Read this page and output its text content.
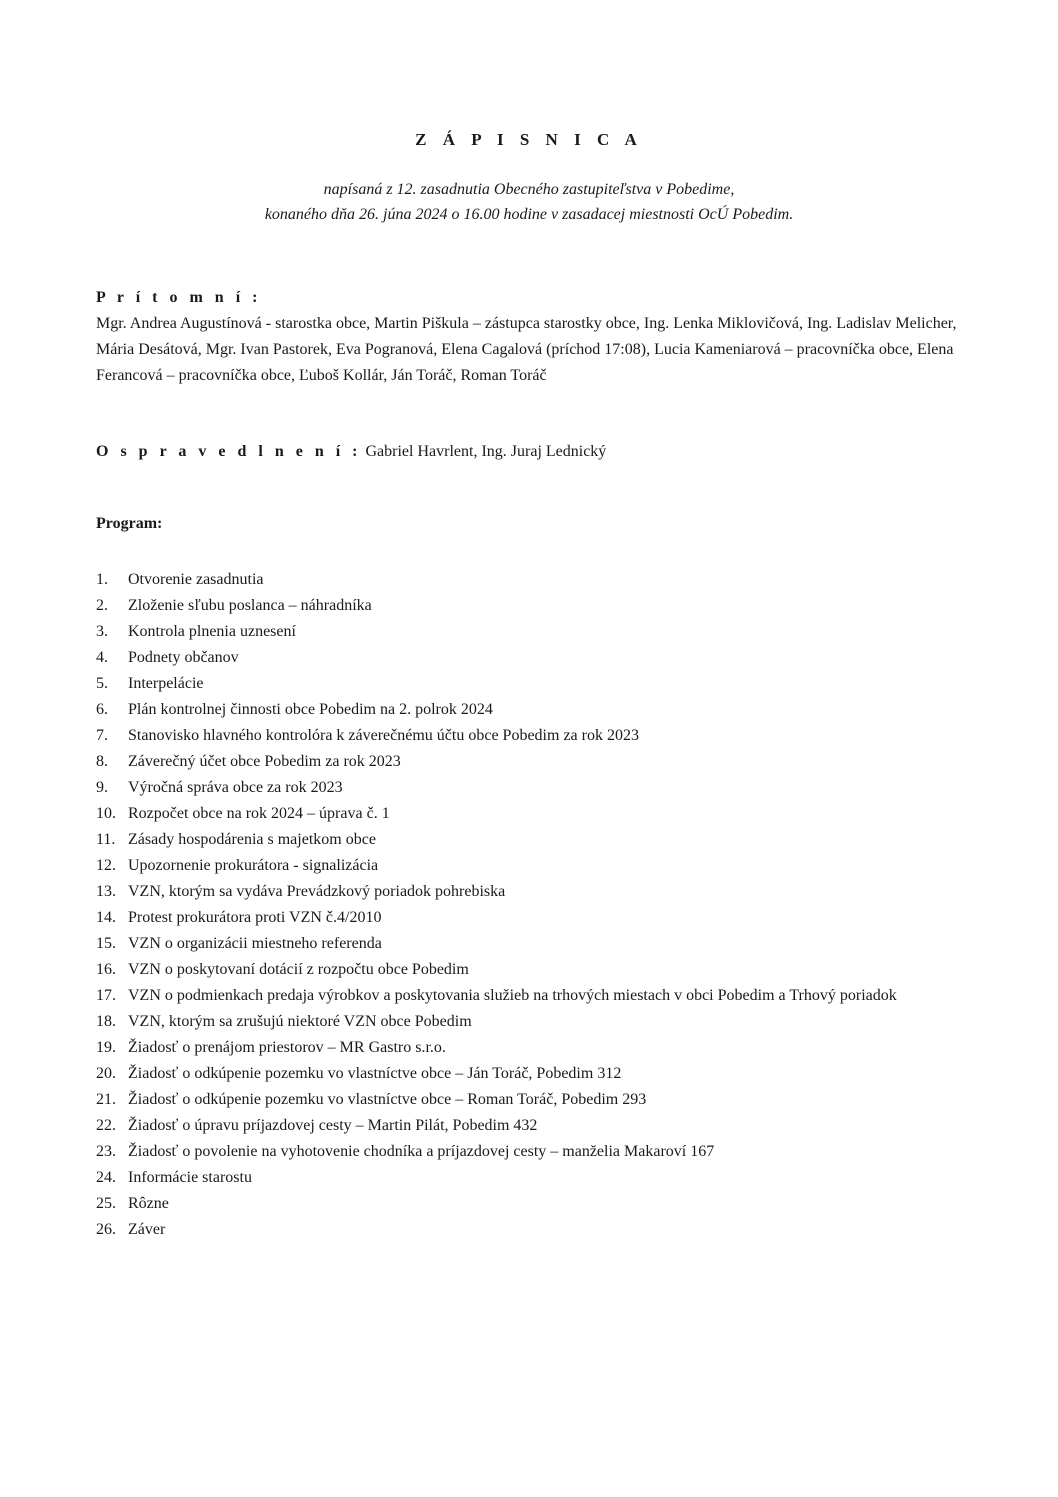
Z Á P I S N I C A
napísaná z 12. zasadnutia Obecného zastupiteľstva v Pobedime,
konaného dňa 26. júna 2024 o 16.00 hodine v zasadacej miestnosti OcÚ Pobedim.
P r í t o m n í :
Mgr. Andrea Augustínová - starostka obce, Martin Piškula – zástupca starostky obce, Ing. Lenka Miklovičová, Ing. Ladislav Melicher, Mária Desátová, Mgr. Ivan Pastorek, Eva Pogranová, Elena Cagalová (príchod 17:08), Lucia Kameniarová – pracovníčka obce, Elena Ferancová – pracovníčka obce, Ľuboš Kollár, Ján Toráč, Roman Toráč
O s p r a v e d l n e n í : Gabriel Havrlent, Ing. Juraj Lednický
Program:
1.	Otvorenie zasadnutia
2.	Zloženie sľubu poslanca – náhradníka
3.	Kontrola plnenia uznesení
4.	Podnety občanov
5.	Interpelácie
6.	Plán kontrolnej činnosti obce Pobedim na 2. polrok 2024
7.	Stanovisko hlavného kontrolóra k záverečnému účtu obce Pobedim za rok 2023
8.	Záverečný účet obce Pobedim za rok 2023
9.	Výročná správa obce za rok 2023
10. Rozpočet obce na rok 2024 – úprava č. 1
11. Zásady hospodárenia s majetkom obce
12. Upozornenie prokurátora - signalizácia
13. VZN, ktorým sa vydáva Prevádzkový poriadok pohrebiska
14. Protest prokurátora proti VZN č.4/2010
15. VZN o organizácii miestneho referenda
16. VZN o poskytovaní dotácií z rozpočtu obce Pobedim
17. VZN o podmienkach predaja výrobkov a poskytovania služieb na trhových miestach v obci Pobedim a Trhový poriadok
18. VZN, ktorým sa zrušujú niektoré VZN obce Pobedim
19. Žiadosť o prenájom priestorov – MR Gastro s.r.o.
20. Žiadosť o odkúpenie pozemku vo vlastníctve obce – Ján Toráč, Pobedim 312
21. Žiadosť o odkúpenie pozemku vo vlastníctve obce – Roman Toráč, Pobedim 293
22. Žiadosť o úpravu príjazdovej cesty – Martin Pilát, Pobedim 432
23. Žiadosť o povolenie na vyhotovenie chodníka a príjazdovej cesty – manželia Makaroví 167
24. Informácie starostu
25. Rôzne
26. Záver
